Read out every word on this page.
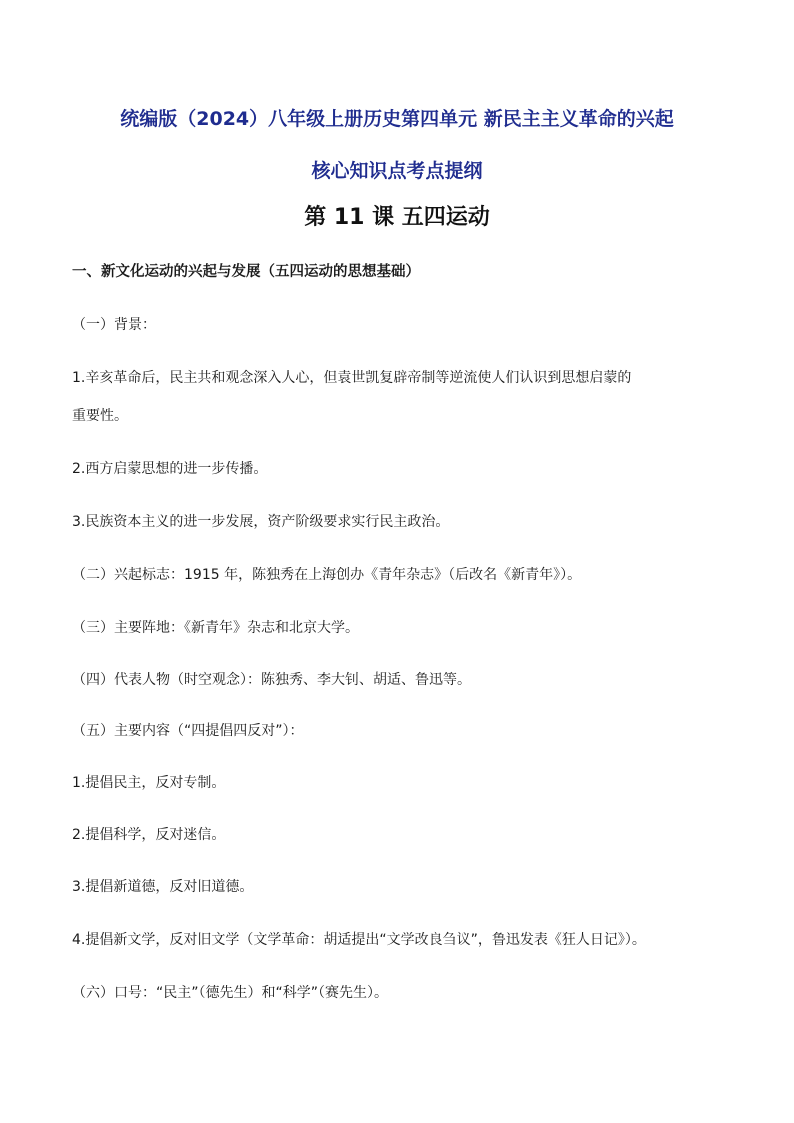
统编版（2024）八年级上册历史第四单元 新民主主义革命的兴起
核心知识点考点提纲
第 11 课 五四运动
一、新文化运动的兴起与发展（五四运动的思想基础）
（一）背景：
1.辛亥革命后，民主共和观念深入人心，但袁世凯复辟帝制等逆流使人们认识到思想启蒙的
重要性。
2.西方启蒙思想的进一步传播。
3.民族资本主义的进一步发展，资产阶级要求实行民主政治。
（二）兴起标志：1915 年，陈独秀在上海创办《青年杂志》（后改名《新青年》）。
（三）主要阵地：《新青年》杂志和北京大学。
（四）代表人物（时空观念）：陈独秀、李大钊、胡适、鲁迅等。
（五）主要内容（“四提倡四反对”）：
1.提倡民主，反对专制。
2.提倡科学，反对迷信。
3.提倡新道德，反对旧道德。
4.提倡新文学，反对旧文学（文学革命：胡适提出“文学改良刍议”，鲁迅发表《狂人日记》）。
（六）口号：“民主”（德先生）和“科学”（赛先生）。
